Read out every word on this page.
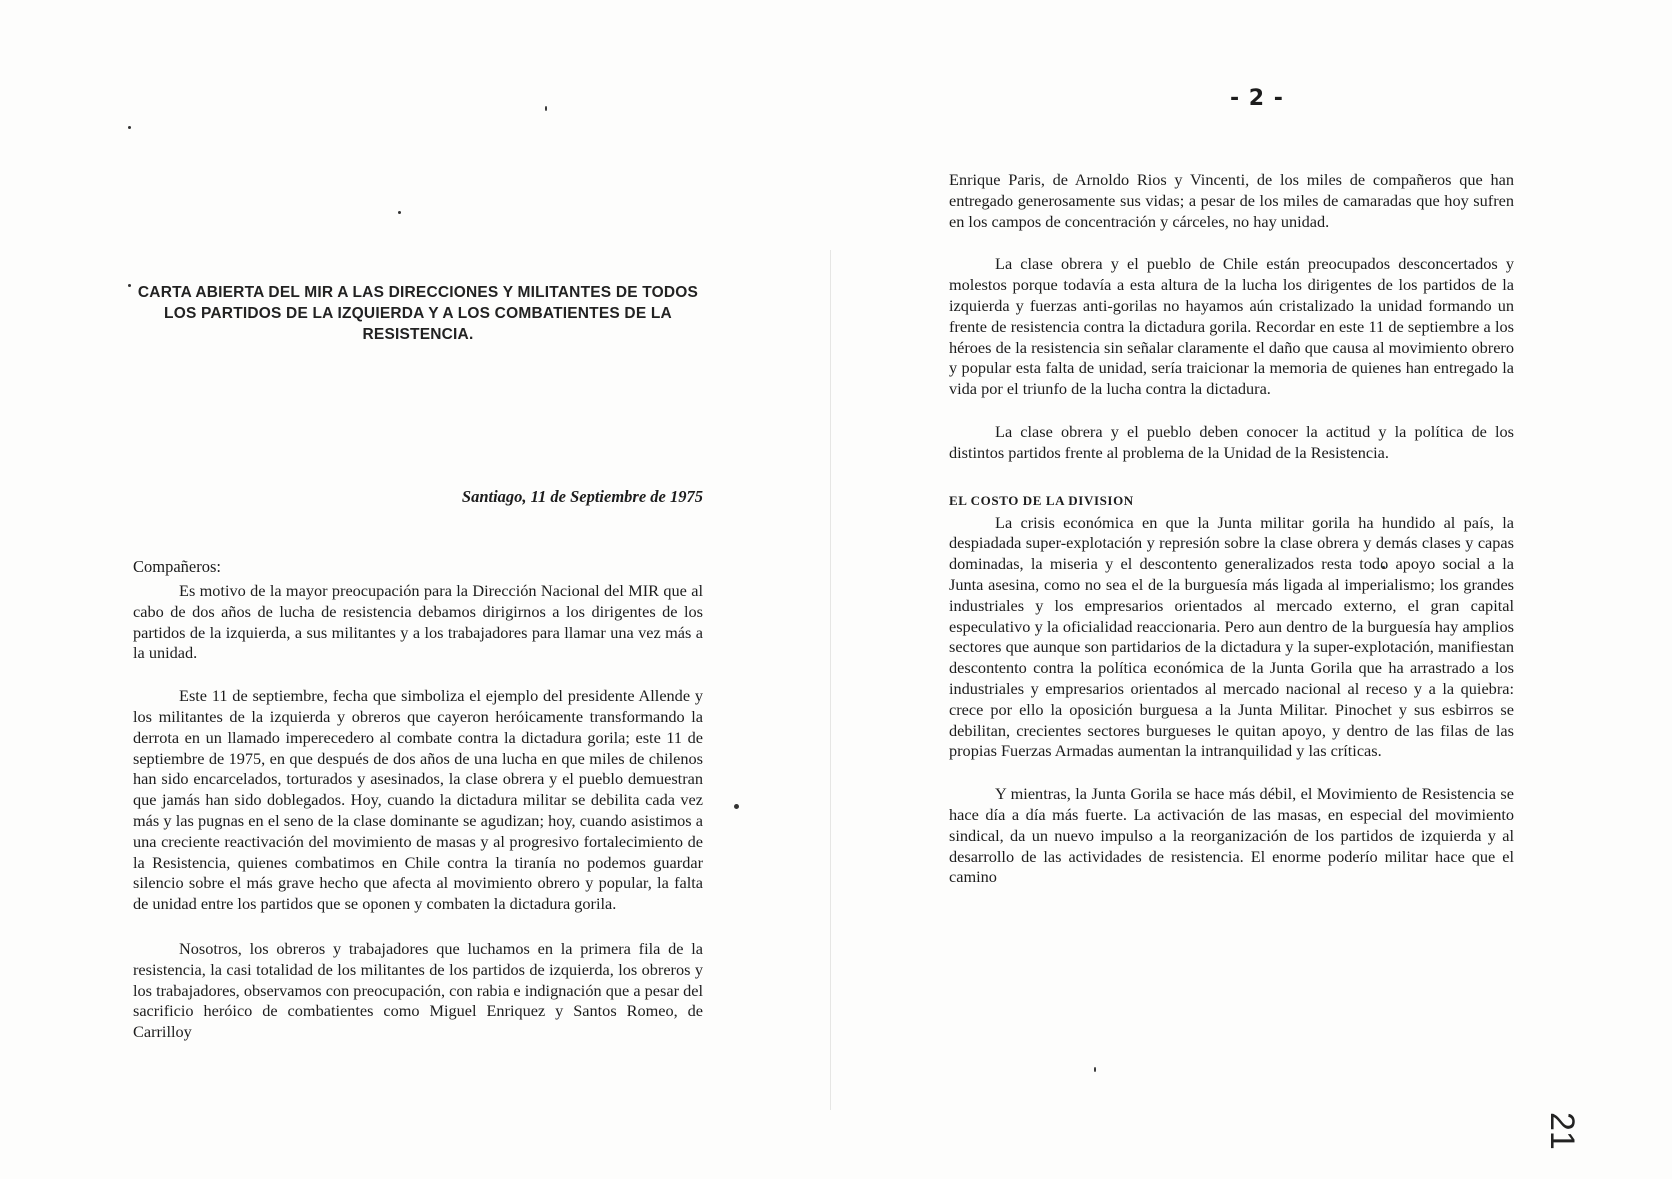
- 2 -
CARTA ABIERTA DEL MIR A LAS DIRECCIONES Y MILITANTES DE TODOS LOS PARTIDOS DE LA IZQUIERDA Y A LOS COMBATIENTES DE LA RESISTENCIA.
Santiago, 11 de Septiembre de 1975
Compañeros:

Es motivo de la mayor preocupación para la Dirección Nacional del MIR que al cabo de dos años de lucha de resistencia debamos dirigirnos a los dirigentes de los partidos de la izquierda, a sus militantes y a los trabajadores para llamar una vez más a la unidad.

Este 11 de septiembre, fecha que simboliza el ejemplo del presidente Allende y los militantes de la izquierda y obreros que cayeron heróicamente transformando la derrota en un llamado imperecedero al combate contra la dictadura gorila; este 11 de septiembre de 1975, en que después de dos años de una lucha en que miles de chilenos han sido encarcelados, torturados y asesinados, la clase obrera y el pueblo demuestran que jamás han sido doblegados. Hoy, cuando la dictadura militar se debilita cada vez más y las pugnas en el seno de la clase dominante se agudizan; hoy, cuando asistimos a una creciente reactivación del movimiento de masas y al progresivo fortalecimiento de la Resistencia, quienes combatimos en Chile contra la tiranía no podemos guardar silencio sobre el más grave hecho que afecta al movimiento obrero y popular, la falta de unidad entre los partidos que se oponen y combaten la dictadura gorila.

Nosotros, los obreros y trabajadores que luchamos en la primera fila de la resistencia, la casi totalidad de los militantes de los partidos de izquierda, los obreros y los trabajadores, observamos con preocupación, con rabia e indignación que a pesar del sacrificio heróico de combatientes como Miguel Enriquez y Santos Romeo, de Carrilloy

Enrique Paris, de Arnoldo Rios y Vincenti, de los miles de compañeros que han entregado generosamente sus vidas; a pesar de los miles de camaradas que hoy sufren en los campos de concentración y cárceles, no hay unidad.

La clase obrera y el pueblo de Chile están preocupados desconcertados y molestos porque todavía a esta altura de la lucha los dirigentes de los partidos de la izquierda y fuerzas anti-gorilas no hayamos aún cristalizado la unidad formando un frente de resistencia contra la dictadura gorila. Recordar en este 11 de septiembre a los héroes de la resistencia sin señalar claramente el daño que causa al movimiento obrero y popular esta falta de unidad, sería traicionar la memoria de quienes han entregado la vida por el triunfo de la lucha contra la dictadura.

La clase obrera y el pueblo deben conocer la actitud y la política de los distintos partidos frente al problema de la Unidad de la Resistencia.

EL COSTO DE LA DIVISION

La crisis económica en que la Junta militar gorila ha hundido al país, la despiadada super-explotación y represión sobre la clase obrera y demás clases y capas dominadas, la miseria y el descontento generalizados resta todo apoyo social a la Junta asesina, como no sea el de la burguesía más ligada al imperialismo; los grandes industriales y los empresarios orientados al mercado externo, el gran capital especulativo y la oficialidad reaccionaria. Pero aun dentro de la burguesía hay amplios sectores que aunque son partidarios de la dictadura y la super-explotación, manifiestan descontento contra la política económica de la Junta Gorila que ha arrastrado a los industriales y empresarios orientados al mercado nacional al receso y a la quiebra: crece por ello la oposición burguesa a la Junta Militar. Pinochet y sus esbirros se debilitan, crecientes sectores burgueses le quitan apoyo, y dentro de las filas de las propias Fuerzas Armadas aumentan la intranquilidad y las críticas.

Y mientras, la Junta Gorila se hace más débil, el Movimiento de Resistencia se hace día a día más fuerte. La activación de las masas, en especial del movimiento sindical, da un nuevo impulso a la reorganización de los partidos de izquierda y al desarrollo de las actividades de resistencia. El enorme poderío militar hace que el camino

21
